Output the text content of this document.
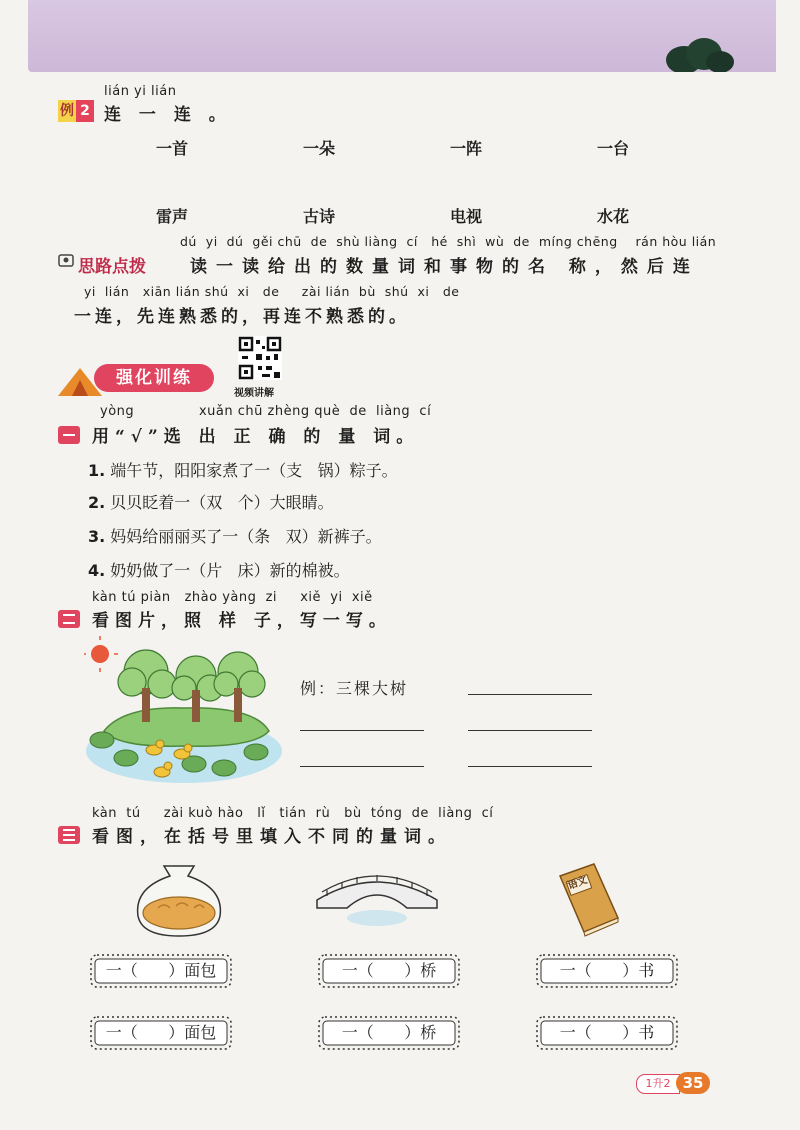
lián yi lián
例 2 连 一 连 。
一首	一朵	一阵	一台
雷声	古诗	电视	水花
dú  yi  dú  gěi chū  de  shù liàng  cí   hé  shì  wù  de  míng chēng    rán hòu lián
思路点拨	读一读给出的数量词和事物的名 称，然后连
yi  lián   xiān lián shú  xi   de     zài lián  bù  shú  xi   de
一连，先连熟悉的，再连不熟悉的。
强化训练
视频讲解
yòng              xuǎn chū zhèng què  de  liàng  cí
用“√”选 出 正 确 的 量 词。
1. 端午节，阳阳家煮了一（支   锅）粽子。
2. 贝贝眨着一（双   个）大眼睛。
3. 妈妈给丽丽买了一（条   双）新裤子。
4. 奶奶做了一（片   床）新的棉被。
kàn tú piàn   zhào yàng  zi     xiě  yi  xiě
看图片，照 样 子，写一写。
例：三棵大树
kàn  tú     zài kuò hào   lǐ   tián  rù   bù  tóng  de  liàng  cí
看图，在括号里填入不同的量词。
语文
一（      ）面包	一（      ）桥	一（      ）书
一（      ）面包	一（      ）桥	一（      ）书
1升2 35
